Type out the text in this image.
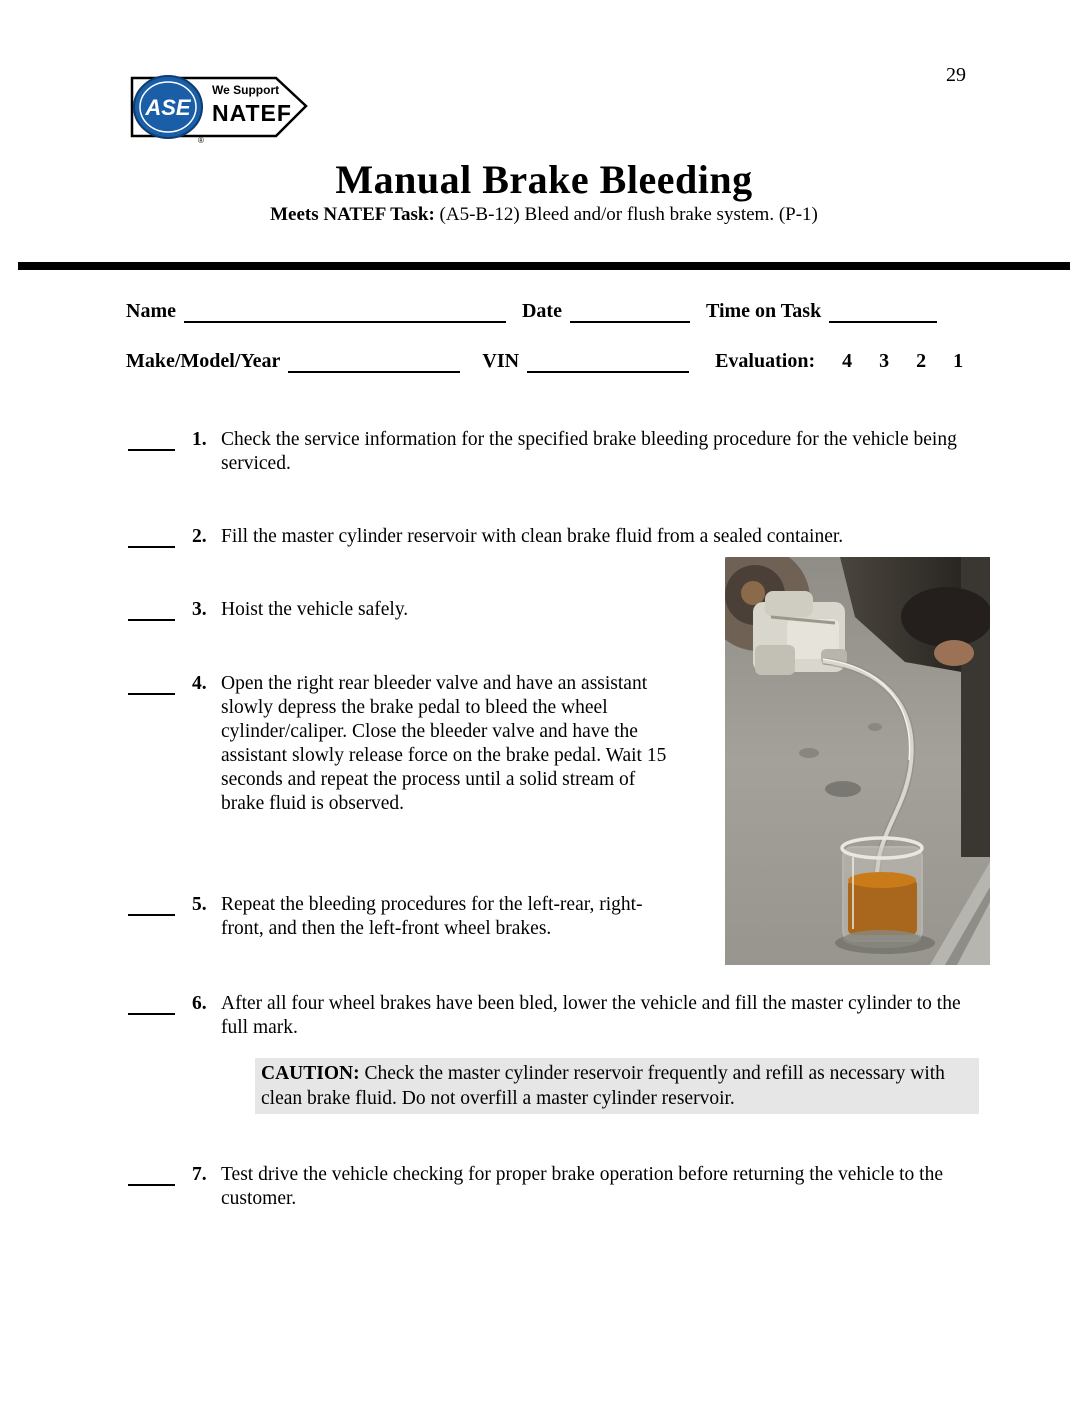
29
ASE
We Support
NATEF
®
Manual Brake Bleeding
Meets NATEF Task: (A5-B-12) Bleed and/or flush brake system. (P-1)
Name	Date	Time on Task
Make/Model/Year	VIN	Evaluation: 4 3 2 1
1. Check the service information for the specified brake bleeding procedure for the vehicle being serviced.
2. Fill the master cylinder reservoir with clean brake fluid from a sealed container.
3. Hoist the vehicle safely.
4. Open the right rear bleeder valve and have an assistant slowly depress the brake pedal to bleed the wheel cylinder/caliper. Close the bleeder valve and have the assistant slowly release force on the brake pedal. Wait 15 seconds and repeat the process until a solid stream of brake fluid is observed.
5. Repeat the bleeding procedures for the left-rear, right-front, and then the left-front wheel brakes.
6. After all four wheel brakes have been bled, lower the vehicle and fill the master cylinder to the full mark.
CAUTION: Check the master cylinder reservoir frequently and refill as necessary with clean brake fluid. Do not overfill a master cylinder reservoir.
7. Test drive the vehicle checking for proper brake operation before returning the vehicle to the customer.
